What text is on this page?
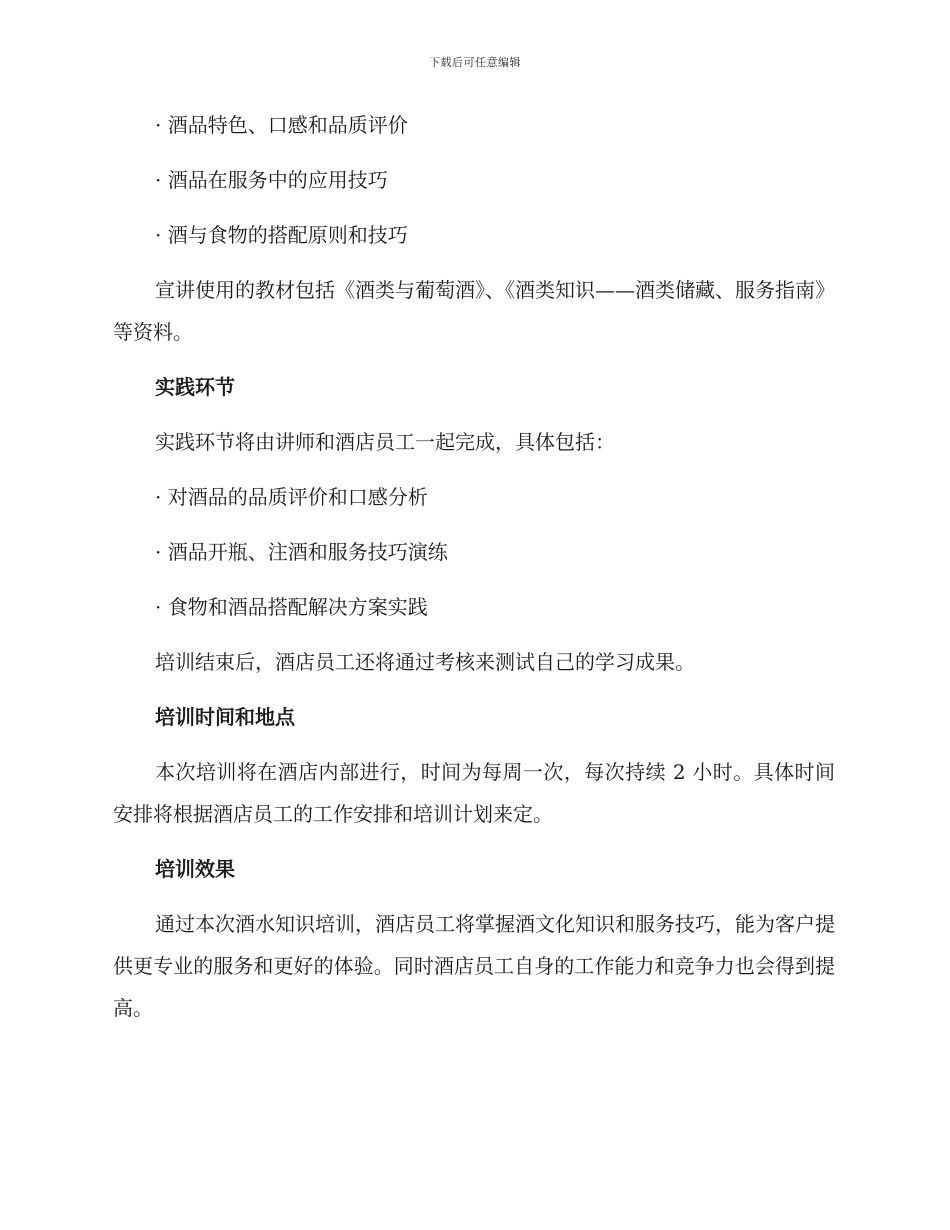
下载后可任意编辑
· 酒品特色、口感和品质评价
· 酒品在服务中的应用技巧
· 酒与食物的搭配原则和技巧

宣讲使用的教材包括《酒类与葡萄酒》、《酒类知识——酒类储藏、服务指南》等资料。

实践环节

实践环节将由讲师和酒店员工一起完成，具体包括：

· 对酒品的品质评价和口感分析
· 酒品开瓶、注酒和服务技巧演练
· 食物和酒品搭配解决方案实践

培训结束后，酒店员工还将通过考核来测试自己的学习成果。

培训时间和地点

本次培训将在酒店内部进行，时间为每周一次，每次持续 2 小时。具体时间安排将根据酒店员工的工作安排和培训计划来定。

培训效果

通过本次酒水知识培训，酒店员工将掌握酒文化知识和服务技巧，能为客户提供更专业的服务和更好的体验。同时酒店员工自身的工作能力和竞争力也会得到提高。
